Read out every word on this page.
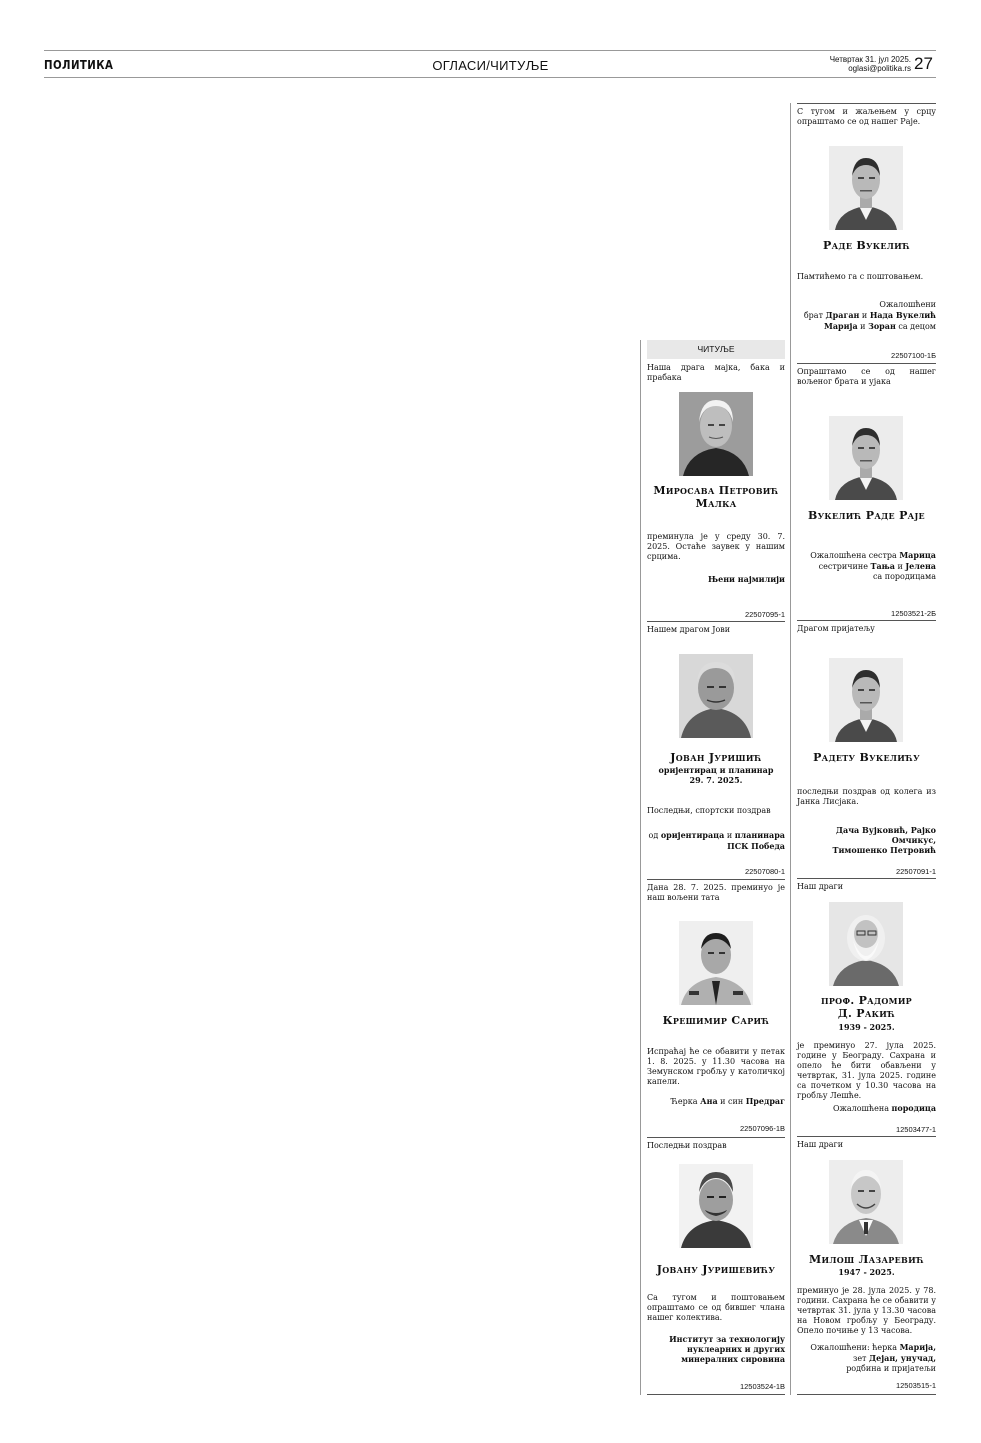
ПОЛИТИКА	ОГЛАСИ/ЧИТУЉЕ	Четвртак 31. јул 2025.
oglasi@politika.rs 27
ЧИТУЉЕ

С тугом и жаљењем у срцу опраштамо се од нашег Раје.

Раде Вукелић

Памтићемо га с поштовањем.

Ожалошћени
брат Драган и Нада Вукелић
Марија и Зоран са децом
22507100-1Б

Опраштамо се од нашег вољеног брата и ујака

Вукелић Раде Раје
Ожалошћена сестра Марица
сестричине Тања и Јелена
са породицама
12503521-2Б

Драгом пријатељу

Радету Вукелићу

последњи поздрав од колега из Јанка Лисјака.

Дача Вујковић, Рајко Омчикус,
Тимошенко Петровић
22507091-1

Наш драги

проф. Радомир
Д. Ракић
1939 - 2025.

је преминуо 27. јула 2025. године у Београду. Сахрана и опело ће бити обављени у четвртак, 31. јула 2025. године са почетком у 10.30 часова на гробљу Лешће.

Ожалошћена породица
12503477-1

Наш драги

Милош Лазаревић
1947 - 2025.

преминуо је 28. јула 2025. у 78. години. Сахрана ће се обавити у четвртак 31. јула у 13.30 часова на Новом гробљу у Београду. Опело почиње у 13 часова.

Ожалошћени: ћерка Марија,
зет Дејан, унучад,
родбина и пријатељи
12503515-1

Наша драга мајка, бака и прабака

Миросава Петровић
Малка

преминула је у среду 30. 7. 2025. Остаће заувек у нашим срцима.

Њени најмилији
22507095-1

Нашем драгом Јови

Јован Јуришић
оријентирац и планинар
29. 7. 2025.

Последњи, спортски поздрав

од оријентираца и планинара
ПСК Победа
22507080-1

Дана 28. 7. 2025. преминуо је наш вољени тата

Крешимир Сарић

Испраћај ће се обавити у петак 1. 8. 2025. у 11.30 часова на Земунском гробљу у католичкој капели.

Ћерка Ана и син Предраг
22507096-1В

Последњи поздрав

Јовану Јуришевићу

Са тугом и поштовањем опраштамо се од бившег члана нашег колектива.

Институт за технологију
нуклеарних и других
минералних сировина
12503524-1В
